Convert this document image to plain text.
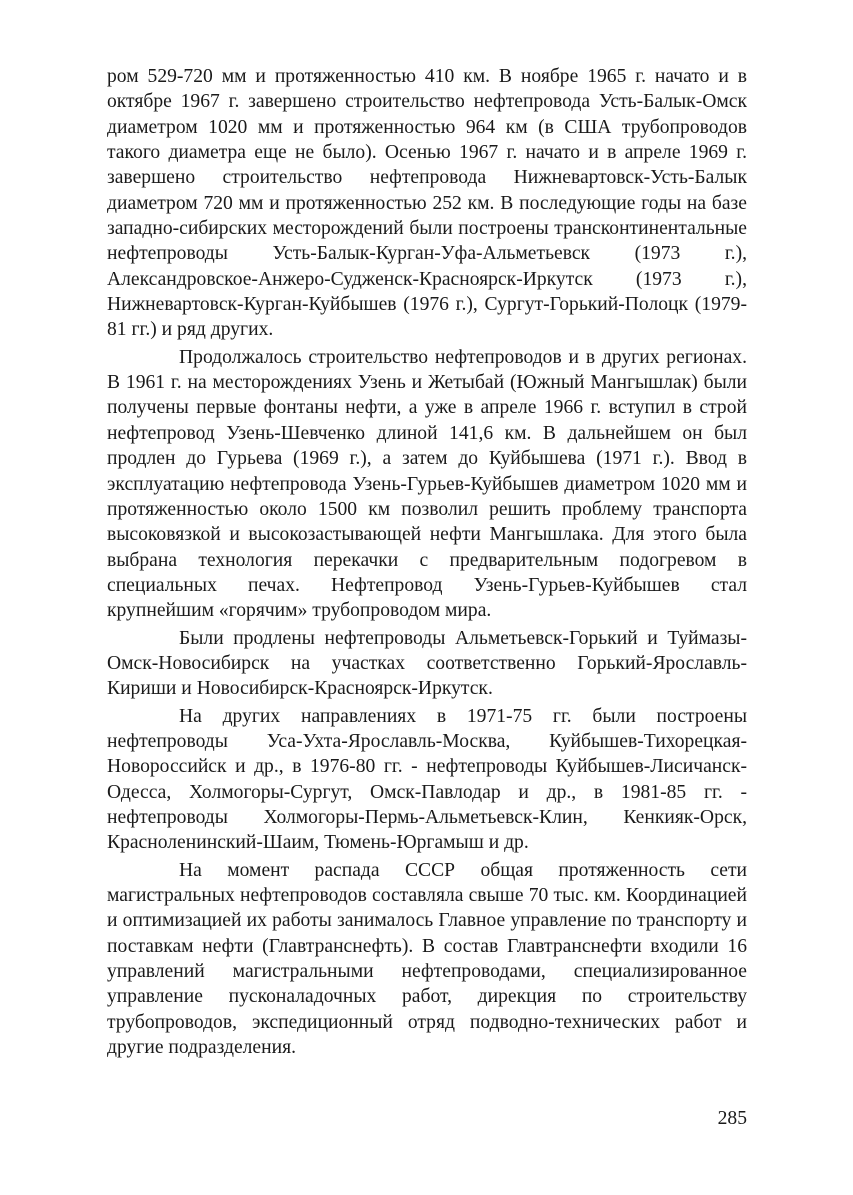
ром 529-720 мм и протяженностью 410 км. В ноябре 1965 г. начато и в октябре 1967 г. завершено строительство нефтепровода Усть-Балык-Омск диаметром 1020 мм и протяженностью 964 км (в США трубопроводов такого диаметра еще не было). Осенью 1967 г. начато и в апреле 1969 г. завершено строительство нефтепровода Нижневартовск-Усть-Балык диаметром 720 мм и протяженностью 252 км. В последующие годы на базе западно-сибирских месторождений были построены трансконтинентальные нефтепроводы Усть-Балык-Курган-Уфа-Альметьевск (1973 г.), Александровское-Анжеро-Судженск-Красноярск-Иркутск (1973 г.), Нижневартовск-Курган-Куйбышев (1976 г.), Сургут-Горький-Полоцк (1979-81 гг.) и ряд других.

Продолжалось строительство нефтепроводов и в других регионах. В 1961 г. на месторождениях Узень и Жетыбай (Южный Мангышлак) были получены первые фонтаны нефти, а уже в апреле 1966 г. вступил в строй нефтепровод Узень-Шевченко длиной 141,6 км. В дальнейшем он был продлен до Гурьева (1969 г.), а затем до Куйбышева (1971 г.). Ввод в эксплуатацию нефтепровода Узень-Гурьев-Куйбышев диаметром 1020 мм и протяженностью около 1500 км позволил решить проблему транспорта высоковязкой и высокозастывающей нефти Мангышлака. Для этого была выбрана технология перекачки с предварительным подогревом в специальных печах. Нефтепровод Узень-Гурьев-Куйбышев стал крупнейшим «горячим» трубопроводом мира.

Были продлены нефтепроводы Альметьевск-Горький и Туймазы-Омск-Новосибирск на участках соответственно Горький-Ярославль-Кириши и Новосибирск-Красноярск-Иркутск.

На других направлениях в 1971-75 гг. были построены нефтепроводы Уса-Ухта-Ярославль-Москва, Куйбышев-Тихорецкая-Новороссийск и др., в 1976-80 гг. - нефтепроводы Куйбышев-Лисичанск-Одесса, Холмогоры-Сургут, Омск-Павлодар и др., в 1981-85 гг. - нефтепроводы Холмогоры-Пермь-Альметьевск-Клин, Кенкияк-Орск, Красноленинский-Шаим, Тюмень-Юргамыш и др.

На момент распада СССР общая протяженность сети магистральных нефтепроводов составляла свыше 70 тыс. км. Координацией и оптимизацией их работы занималось Главное управление по транспорту и поставкам нефти (Главтранснефть). В состав Главтранснефти входили 16 управлений магистральными нефтепроводами, специализированное управление пусконаладочных работ, дирекция по строительству трубопроводов, экспедиционный отряд подводно-технических работ и другие подразделения.

285
